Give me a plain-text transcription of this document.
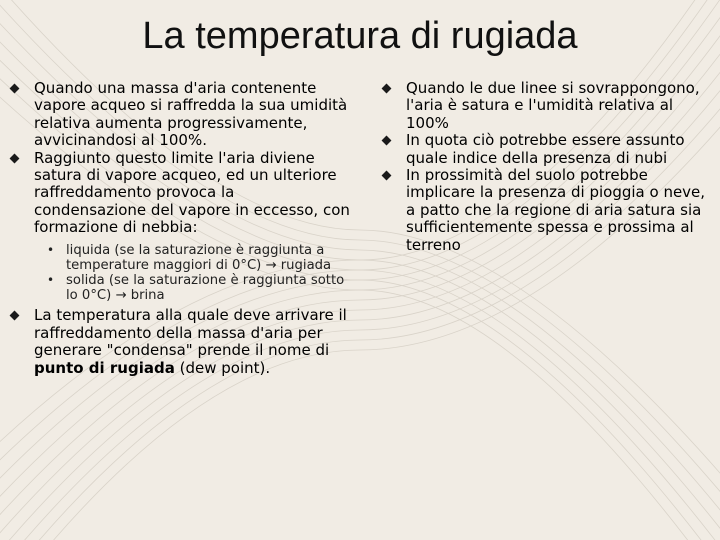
La temperatura di rugiada
Quando una massa d'aria contenente vapore acqueo si raffredda la sua umidità relativa aumenta progressivamente, avvicinandosi al 100%.
Raggiunto questo limite l'aria diviene satura di vapore acqueo, ed un ulteriore raffreddamento provoca la condensazione del vapore in eccesso, con formazione di nebbia:
• liquida (se la saturazione è raggiunta a temperature maggiori di 0°C) → rugiada
• solida (se la saturazione è raggiunta sotto lo 0°C) → brina
La temperatura alla quale deve arrivare il raffreddamento della massa d'aria per generare "condensa" prende il nome di punto di rugiada (dew point).
Quando le due linee si sovrappongono, l'aria è satura e l'umidità relativa al 100%
In quota ciò potrebbe essere assunto quale indice della presenza di nubi
In prossimità del suolo potrebbe implicare la presenza di pioggia o neve, a patto che la regione di aria satura sia sufficientemente spessa e prossima al terreno
